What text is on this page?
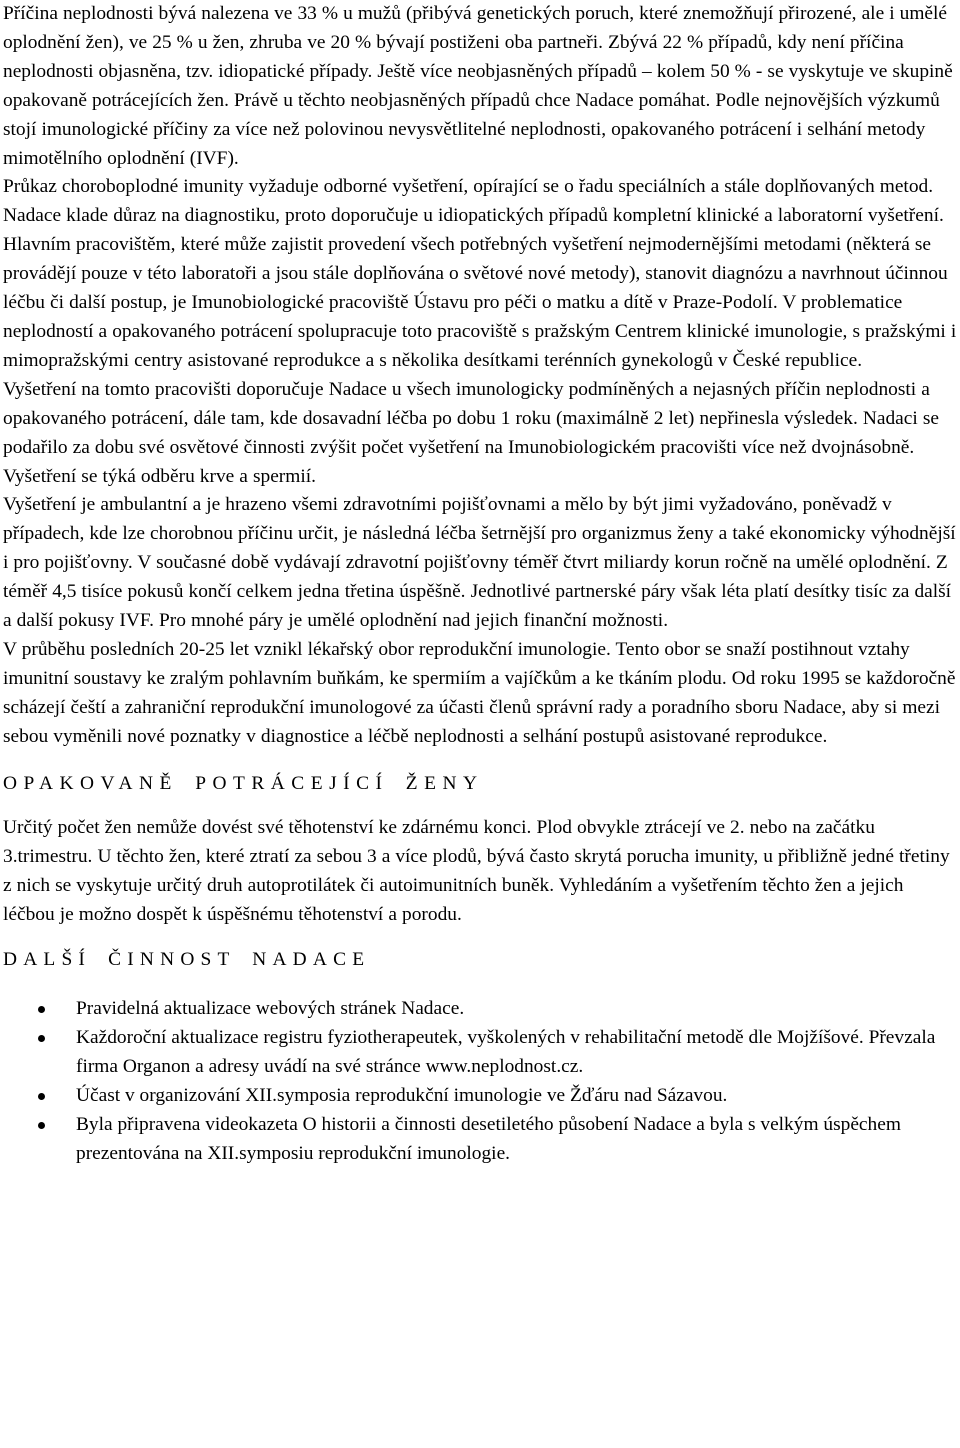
Příčina neplodnosti bývá nalezena ve 33 % u mužů (přibývá genetických poruch, které znemožňují přirozené, ale i umělé oplodnění žen), ve 25 % u žen, zhruba ve 20 % bývají postiženi oba partneři. Zbývá 22 % případů, kdy není příčina neplodnosti objasněna, tzv. idiopatické případy. Ještě více neobjasněných případů – kolem 50 % - se vyskytuje ve skupině opakovaně potrácejících žen. Právě u těchto neobjasněných případů chce Nadace pomáhat. Podle nejnovějších výzkumů stojí imunologické příčiny za více než polovinou nevysvětlitelné neplodnosti, opakovaného potrácení i selhání metody mimotělního oplodnění (IVF).

Průkaz choroboplodné imunity vyžaduje odborné vyšetření, opírající se o řadu speciálních a stále doplňovaných metod. Nadace klade důraz na diagnostiku, proto doporučuje u idiopatických případů kompletní klinické a laboratorní vyšetření.

Hlavním pracovištěm, které může zajistit provedení všech potřebných vyšetření nejmodernějšími metodami (některá se provádějí pouze v této laboratoři a jsou stále doplňována o světové nové metody), stanovit diagnózu a navrhnout účinnou léčbu či další postup, je Imunobiologické pracoviště Ústavu pro péči o matku a dítě v Praze-Podolí. V problematice neplodností a opakovaného potrácení spolupracuje toto pracoviště s pražským Centrem klinické imunologie, s pražskými i mimopražskými centry asistované reprodukce a s několika desítkami terénních gynekologů v České republice.

Vyšetření na tomto pracovišti doporučuje Nadace u všech imunologicky podmíněných a nejasných příčin neplodnosti a opakovaného potrácení, dále tam, kde dosavadní léčba po dobu 1 roku (maximálně 2 let) nepřinesla výsledek. Nadaci se podařilo za dobu své osvětové činnosti zvýšit počet vyšetření na Imunobiologickém pracovišti více než dvojnásobně. Vyšetření se týká odběru krve a spermií.

Vyšetření je ambulantní a je hrazeno všemi zdravotními pojišťovnami a mělo by být jimi vyžadováno, poněvadž v případech, kde lze chorobnou příčinu určit, je následná léčba šetrnější pro organizmus ženy a také ekonomicky výhodnější i pro pojišťovny. V současné době vydávají zdravotní pojišťovny téměř čtvrt miliardy korun ročně na umělé oplodnění. Z téměř 4,5 tisíce pokusů končí celkem jedna třetina úspěšně. Jednotlivé partnerské páry však léta platí desítky tisíc za další a další pokusy IVF. Pro mnohé páry je umělé oplodnění nad jejich finanční možnosti.

V průběhu posledních 20-25 let vznikl lékařský obor reprodukční imunologie. Tento obor se snaží postihnout vztahy imunitní soustavy ke zralým pohlavním buňkám, ke spermiím a vajíčkům a ke tkáním plodu. Od roku 1995 se každoročně scházejí čeští a zahraniční reprodukční imunologové za účasti členů správní rady a poradního sboru Nadace, aby si mezi sebou vyměnili nové poznatky v diagnostice a léčbě neplodnosti a selhání postupů asistované reprodukce.

OPAKOVANĚ POTRÁCEJÍCÍ ŽENY

Určitý počet žen nemůže dovést své těhotenství ke zdárnému konci. Plod obvykle ztrácejí ve 2. nebo na začátku 3.trimestru. U těchto žen, které ztratí za sebou 3 a více plodů, bývá často skrytá porucha imunity, u přibližně jedné třetiny z nich se vyskytuje určitý druh autoprotilátek či autoimunitních buněk. Vyhledáním a vyšetřením těchto žen a jejich léčbou je možno dospět k úspěšnému těhotenství a porodu.

DALŠÍ ČINNOST NADACE

Pravidelná aktualizace webových stránek Nadace.
Každoroční aktualizace registru fyziotherapeutek, vyškolených v rehabilitační metodě dle Mojžíšové. Převzala firma Organon a adresy uvádí na své stránce www.neplodnost.cz.
Účast v organizování XII.symposia reprodukční imunologie ve Žďáru nad Sázavou.
Byla připravena videokazeta O historii a činnosti desetiletého působení Nadace a byla s velkým úspěchem prezentována na XII.symposiu reprodukční imunologie.
